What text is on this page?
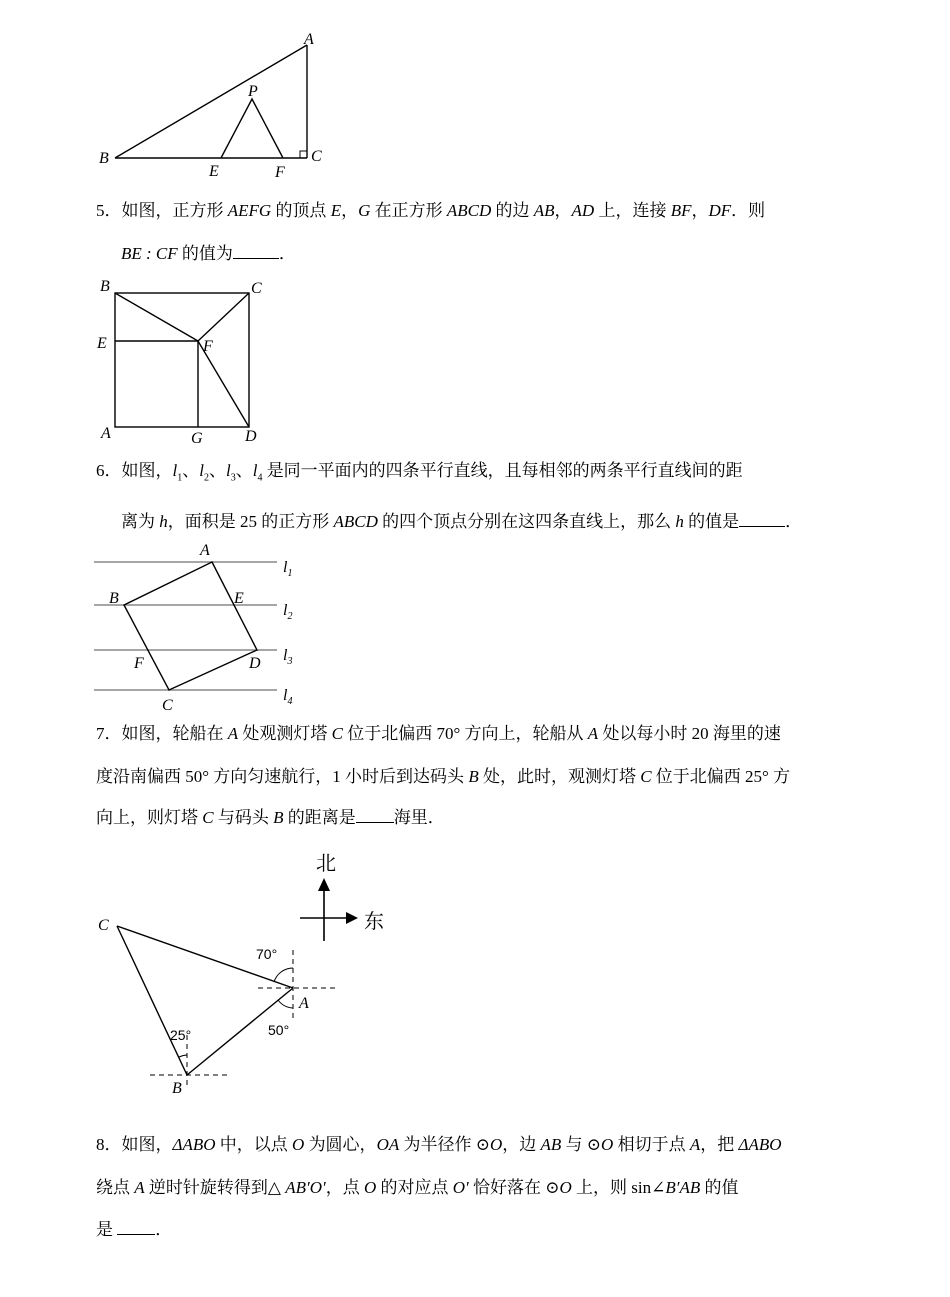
A
P
B	C
E	F
5．如图，正方形 AEFG 的顶点 E，G 在正方形 ABCD 的边 AB，AD 上，连接 BF，DF．则
BE : CF 的值为	．
B	C
E	F
A	G	D
6．如图，$l_1$、$l_2$、$l_3$、$l_4$ 是同一平面内的四条平行直线，且每相邻的两条平行直线间的距
离为 h，面积是 25 的正方形 ABCD 的四个顶点分别在这四条直线上，那么 h 的值是	．
A
B	E
F	D
C
$l_1$
$l_2$
$l_3$
$l_4$
7．如图，轮船在 A 处观测灯塔 C 位于北偏西 70° 方向上，轮船从 A 处以每小时 20 海里的速
度沿南偏西 50° 方向匀速航行，1 小时后到达码头 B 处，此时，观测灯塔 C 位于北偏西 25° 方
向上，则灯塔 C 与码头 B 的距离是 海里．
北
东
C
A
B
70°
50°
25°
8．如图，ΔABO 中，以点 O 为圆心，OA 为半径作 ⊙O，边 AB 与 ⊙O 相切于点 A，把 ΔABO
绕点 A 逆时针旋转得到△ AB′O′，点 O 的对应点 O′ 恰好落在 ⊙O 上，则 sin∠B′AB 的值
是 ．
